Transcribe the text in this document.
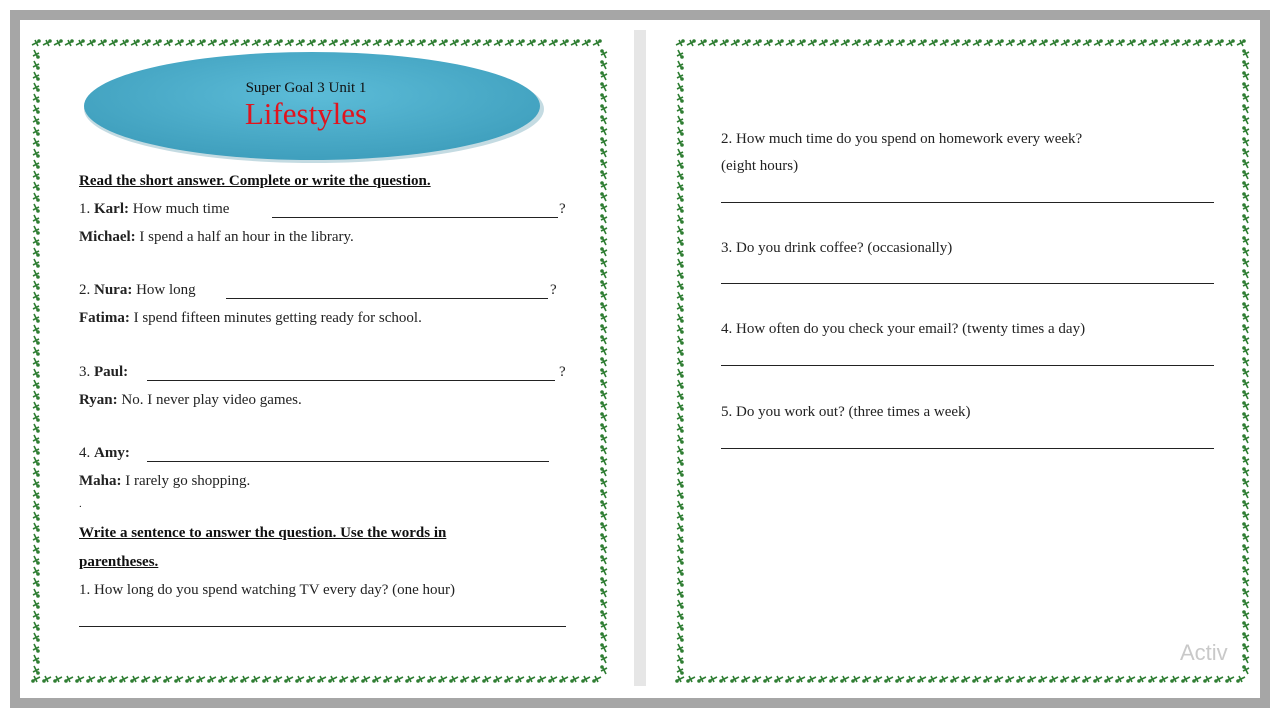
Super Goal 3 Unit 1
Lifestyles
Read the short answer. Complete or write the question.
1. Karl: How much time	?
Michael: I spend a half an hour in the library.
2. Nura: How long	?
Fatima: I spend fifteen minutes getting ready for school.
3. Paul:	?
Ryan: No. I never play video games.
4. Amy:
Maha: I rarely go shopping.
.
Write a sentence to answer the question. Use the words in
parentheses.
1. How long do you spend watching TV every day? (one hour)
2. How much time do you spend on homework every week?
(eight hours)
3. Do you drink coffee? (occasionally)
4. How often do you check your email? (twenty times a day)
5. Do you work out? (three times a week)
Activ
